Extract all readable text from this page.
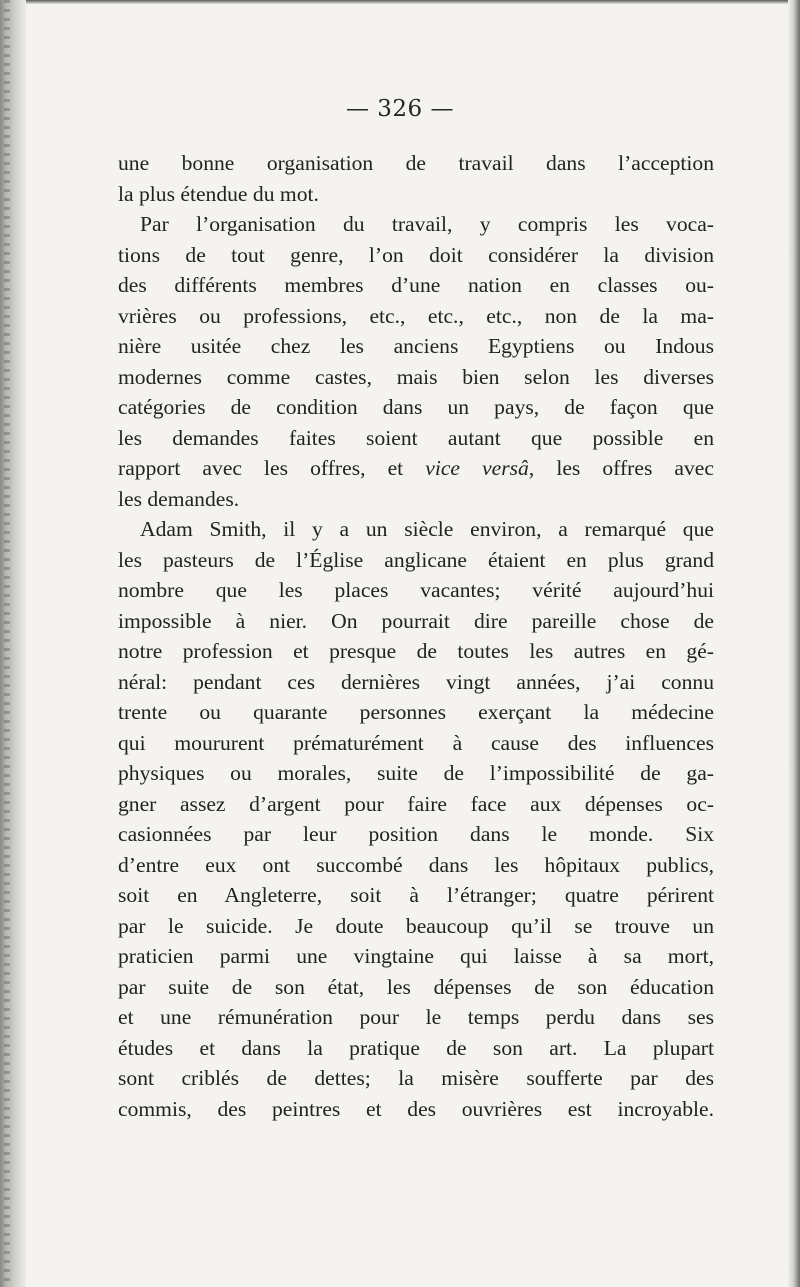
— 326 —
une bonne organisation de travail dans l’acception
la plus étendue du mot.
Par l’organisation du travail, y compris les voca-
tions de tout genre, l’on doit considérer la division
des différents membres d’une nation en classes ou-
vrières ou professions, etc., etc., etc., non de la ma-
nière usitée chez les anciens Egyptiens ou Indous
modernes comme castes, mais bien selon les diverses
catégories de condition dans un pays, de façon que
les demandes faites soient autant que possible en
rapport avec les offres, et vice versâ, les offres avec
les demandes.
Adam Smith, il y a un siècle environ, a remarqué que
les pasteurs de l’Église anglicane étaient en plus grand
nombre que les places vacantes; vérité aujourd’hui
impossible à nier. On pourrait dire pareille chose de
notre profession et presque de toutes les autres en gé-
néral: pendant ces dernières vingt années, j’ai connu
trente ou quarante personnes exerçant la médecine
qui moururent prématurément à cause des influences
physiques ou morales, suite de l’impossibilité de ga-
gner assez d’argent pour faire face aux dépenses oc-
casionnées par leur position dans le monde. Six
d’entre eux ont succombé dans les hôpitaux publics,
soit en Angleterre, soit à l’étranger; quatre périrent
par le suicide. Je doute beaucoup qu’il se trouve un
praticien parmi une vingtaine qui laisse à sa mort,
par suite de son état, les dépenses de son éducation
et une rémunération pour le temps perdu dans ses
études et dans la pratique de son art. La plupart
sont criblés de dettes; la misère soufferte par des
commis, des peintres et des ouvrières est incroyable.
